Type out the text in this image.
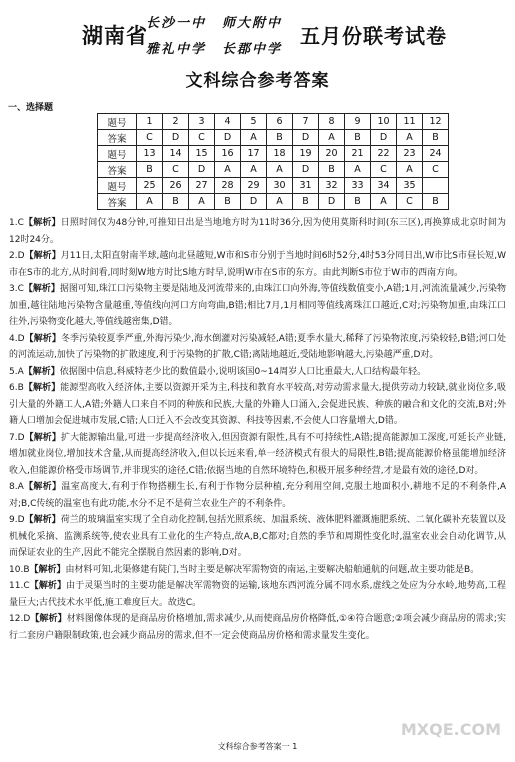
湖南省
长沙一中 师大附中
雅礼中学 长郡中学
五月份联考试卷
文科综合参考答案
一、选择题
题号	1	2	3	4	5	6	7	8	9	10	11	12
答案	C	D	C	D	A	B	D	A	B	D	A	B
题号	13	14	15	16	17	18	19	20	21	22	23	24
答案	B	C	D	A	A	A	D	B	A	C	A	C
题号	25	26	27	28	29	30	31	32	33	34	35	
答案	A	B	A	B	D	A	B	D	B	A	C	B

1.C【解析】日照时间仅为48分钟,可推知日出是当地地方时为11时36分,因为使用莫斯科时间(东三区),再换算成北京时间为12时24分。

2.D【解析】月11日,太阳直射南半球,越向北昼越短,W市和S市分别于当地时间6时52分,4时53分同日出,W市比S市昼长短,W市在S市的北方,从时间看,同时刻W地方时比S地方时早,说明W市在S市的东方。由此判断S市位于W市的西南方向。

3.C【解析】据图可知,珠江口污染物主要是陆地及河流带来的,由珠江口向外海,等值线数值变小,A错;1月,河流流量减少,污染物加重,越往陆地污染物含量越重,等值线向河口方向弯曲,B错;相比7月,1月相同等值线离珠江口越近,C对;污染物加重,由珠江口往外,污染物变化越大,等值线越密集,D错。

4.D【解析】冬季污染较夏季严重,外海污染少,海水倒灌对污染减轻,A错;夏季水量大,稀释了污染物浓度,污染较轻,B错;河口处的河流运动,加快了污染物的扩散速度,利于污染物的扩散,C错;离陆地越近,受陆地影响越大,污染越严重,D对。

5.A【解析】依据图中信息,科威特老少比的数值最小,说明该国0~14周岁人口比重最大,人口结构最年轻。

6.B【解析】能源型高收入经济体,主要以资源开采为主,科技和教育水平较高,对劳动需求量大,提供劳动力较缺,就业岗位多,吸引大量的外籍工人,A错;外籍人口来自不同的种族和民族,大量的外籍人口涌入,会促进民族、种族的融合和文化的交流,B对;外籍人口增加会促进城市发展,C错;人口迁入不会改变其资源、科技等因素,不会使人口容量增大,D错。

7.D【解析】扩大能源输出量,可进一步提高经济收入,但因资源有限性,具有不可持续性,A错;提高能源加工深度,可延长产业链,增加就业岗位,增加技术含量,从而提高经济收入,但以长远来看,单一经济模式有很大的局限性,B错;提高能源价格虽能增加经济收入,但能源价格受市场调节,并非现实的途径,C错;依据当地的自然环境特色,积极开展多种经营,才是最有效的途径,D对。

8.A【解析】温室高度大,有利于作物搭棚生长,有利于作物分层种植,充分利用空间,克服土地面积小,耕地不足的不利条件,A对;B,C传统的温室也有此功能,水分不足不是荷兰农业生产的不利条件。

9.D【解析】荷兰的玻璃温室实现了全自动化控制,包括光照系统、加温系统、液体肥料灌溉施肥系统、二氧化碳补充装置以及机械化采摘、监测系统等,使农业具有工业化的生产特点,故A,B,C都对;自然的季节和周期性变化时,温室农业会自动化调节,从而保证农业的生产,因此不能完全摆脱自然因素的影响,D对。

10.B【解析】由材料可知,北渠修建有陡门,当时主要是解决军需物资的南运,主要解决船舶通航的问题,故主要功能是B。

11.C【解析】由于灵渠当时的主要功能是解决军需物资的运输,该地东西河流分属不同水系,虚线之处应为分水岭,地势高,工程量巨大;古代技术水平低,施工难度巨大。故选C。

12.D【解析】材料图像体现的是商品房价格增加,需求减少,从而使商品房价格降低,①④符合题意;②项会减少商品房的需求;实行二套房户籍限制政策,也会减少商品房的需求,但不一定会使商品房价格和需求量发生变化。

文科综合参考答案一 1
MXQE.COM
